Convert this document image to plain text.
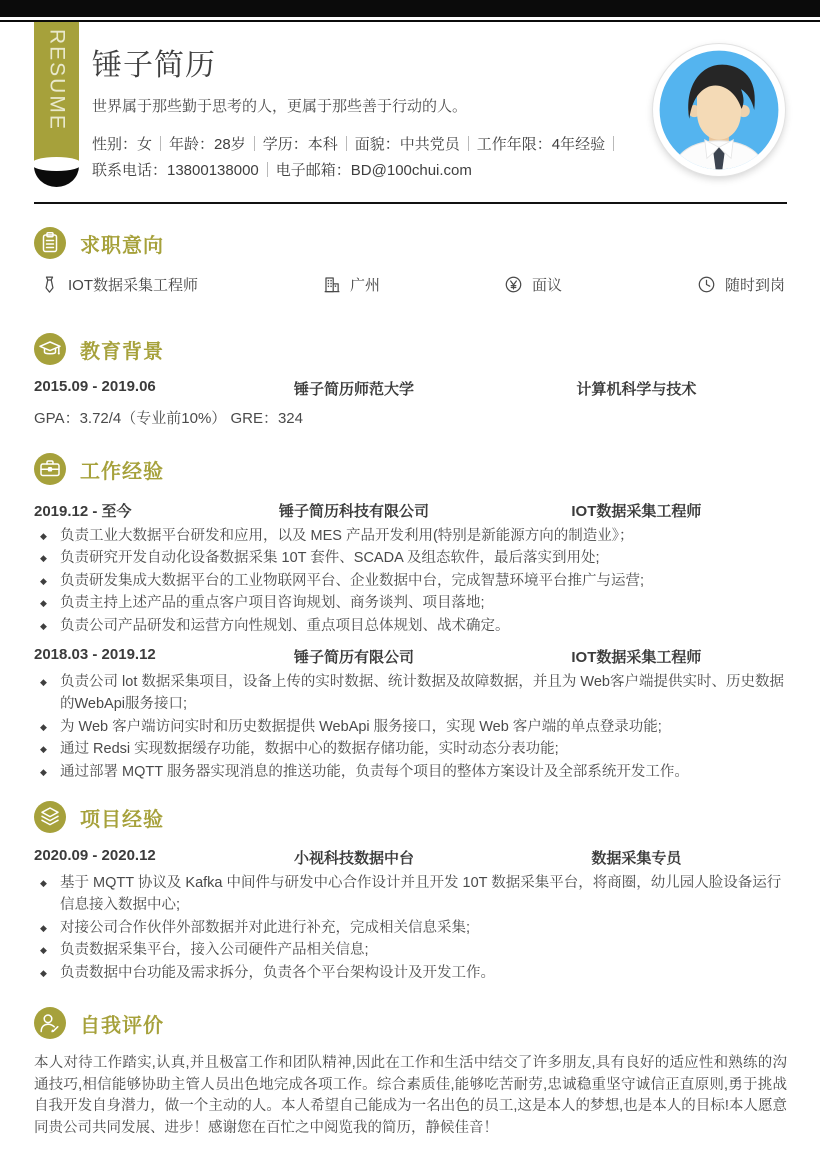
RESUME 锤子简历
世界属于那些勤于思考的人，更属于那些善于行动的人。
性别：女 年龄：28岁 学历：本科 面貌：中共党员 工作年限：4年经验
联系电话：13800138000 电子邮箱：BD@100chui.com
求职意向
IOT数据采集工程师	广州	面议	随时到岗
教育背景
2015.09 - 2019.06	锤子简历师范大学	计算机科学与技术
GPA：3.72/4（专业前10%） GRE：324
工作经验
2019.12 - 至今	锤子简历科技有限公司	IOT数据采集工程师
◆
负责工业大数据平台研发和应用，以及 MES 产品开发利用(特别是新能源方向的制造业》；
◆
负责研究开发自动化设备数据采集 10T 套件、SCADA 及组态软件，最后落实到用处;
◆
负责研发集成大数据平台的工业物联网平台、企业数据中台，完成智慧环境平台推广与运营;
◆
负责主持上述产品的重点客户项目咨询规划、商务谈判、项目落地;
◆
负责公司产品研发和运营方向性规划、重点项目总体规划、战术确定。
2018.03 - 2019.12	锤子简历有限公司	IOT数据采集工程师
◆
负责公司 lot 数据采集项目，设备上传的实时数据、统计数据及故障数据，并且为 Web客户端提供实时、历史数据的WebApi服务接口;
◆
为 Web 客户端访问实时和历史数据提供 WebApi 服务接口，实现 Web 客户端的单点登录功能;
◆
通过 Redsi 实现数据缓存功能，数据中心的数据存储功能，实时动态分表功能;
◆
通过部署 MQTT 服务器实现消息的推送功能，负责每个项目的整体方案设计及全部系统开发工作。
项目经验
2020.09 - 2020.12	小视科技数据中台	数据采集专员
◆
基于 MQTT 协议及 Kafka 中间件与研发中心合作设计并且开发 10T 数据采集平台，将商圈，幼儿园人脸设备运行信息接入数据中心;
◆
对接公司合作伙伴外部数据并对此进行补充，完成相关信息采集;
◆
负责数据采集平台，接入公司硬件产品相关信息;
◆
负责数据中台功能及需求拆分，负责各个平台架构设计及开发工作。
自我评价

本人对待工作踏实,认真,并且极富工作和团队精神,因此在工作和生活中结交了许多朋友,具有良好的适应性和熟练的沟通技巧,相信能够协助主管人员出色地完成各项工作。综合素质佳,能够吃苦耐劳,忠诚稳重坚守诚信正直原则,勇于挑战自我开发自身潜力，做一个主动的人。本人希望自己能成为一名出色的员工,这是本人的梦想,也是本人的目标!本人愿意同贵公司共同发展、进步！感谢您在百忙之中阅览我的简历，静候佳音！
